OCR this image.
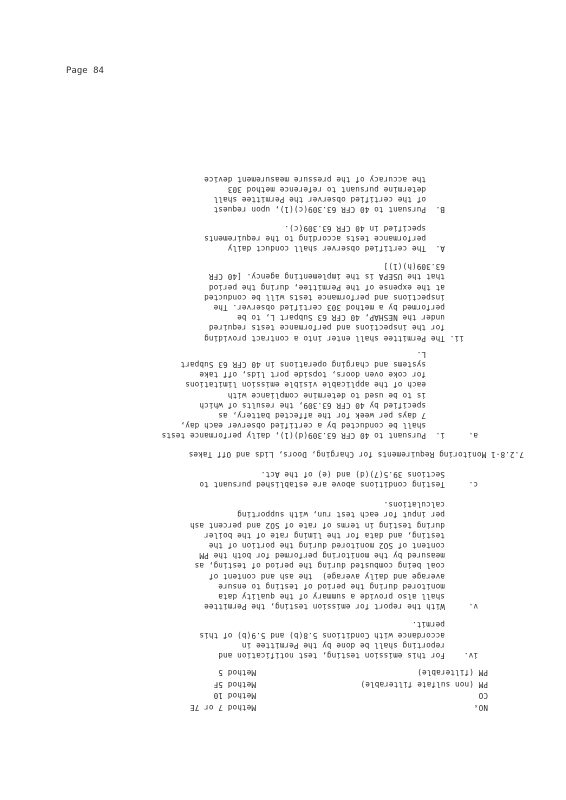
Page 84
NOₓ
Method 7 or 7E
CO
Method 10
PM (non sulfate filterable)
Method 5F
PM (filterable)
Method 5
iv.    For this emission testing, test notification and
reporting shall be done by the Permittee in
accordance with Conditions 5.8(b) and 5.9(b) of this
permit.
v.     With the report for emission testing, the Permittee
shall also provide a summary of the quality data
monitored during the period of testing to ensure
average and daily average)  the ash and content of
coal being combusted during the period of testing, as
measured by the monitoring performed for both the PM
content of SO2 monitored during the portion of the
testing, and data for the liming rate of the boiler
during testing in terms of rate of SO2 and percent ash
per input for each test run, with supporting
calculations.
c.     Testing conditions above are established pursuant to
Sections 39.5(7)(d) and (e) of the Act.
7.2.8-1 Monitoring Requirements for Charging, Doors, Lids and Off Takes
a.     i.  Pursuant to 40 CFR 63.309(d)(1), daily performance tests
shall be conducted by a certified observer each day,
7 days per week for the affected battery, as
specified by 40 CFR 63.309, the results of which
is to be used to determine compliance with
each of the applicable visible emission limitations
for coke oven doors, topside port lids, off take
systems and charging operations in 40 CFR 63 Subpart
L.
ii. The Permittee shall enter into a contract providing
for the inspections and performance tests required
under the NESHAP, 40 CFR 63 Subpart L, to be
performed by a method 303 certified observer. The
inspections and performance tests will be conducted
at the expense of the Permittee, during the period
that the USEPA is the implementing agency. [40 CFR
63.309(h)(1)]
A.  The certified observer shall conduct daily
performance tests according to the requirements
specified in 40 CFR 63.309(c).
B.  Pursuant to 40 CFR 63.309(c)(1), upon request
of the certified observer the Permittee shall
determine pursuant to reference method 303
the accuracy of the pressure measurement device
